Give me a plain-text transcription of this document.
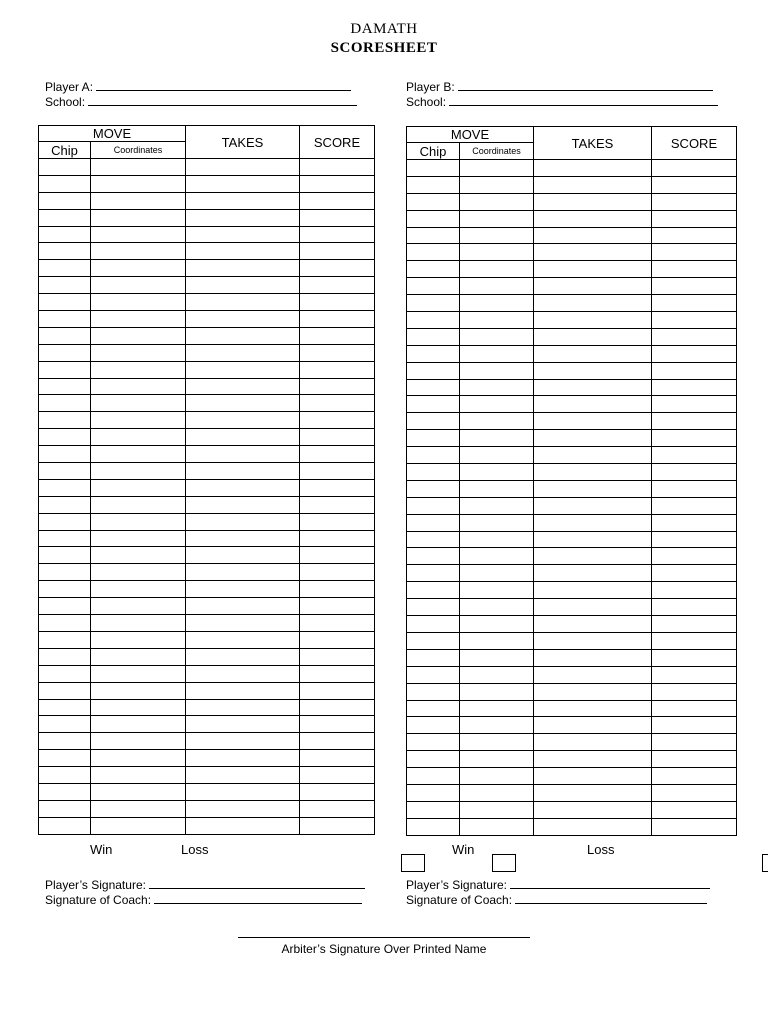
DAMATH
SCORESHEET
Player A:
School:
Player B:
School:
MOVE		TAKES	SCORE
Chip	Coordinates		

MOVE		TAKES	SCORE
Chip	Coordinates		

Win	Loss	Win	Loss
Player’s Signature:
Signature of Coach:
Player’s Signature:
Signature of Coach:
Arbiter’s Signature Over Printed Name
